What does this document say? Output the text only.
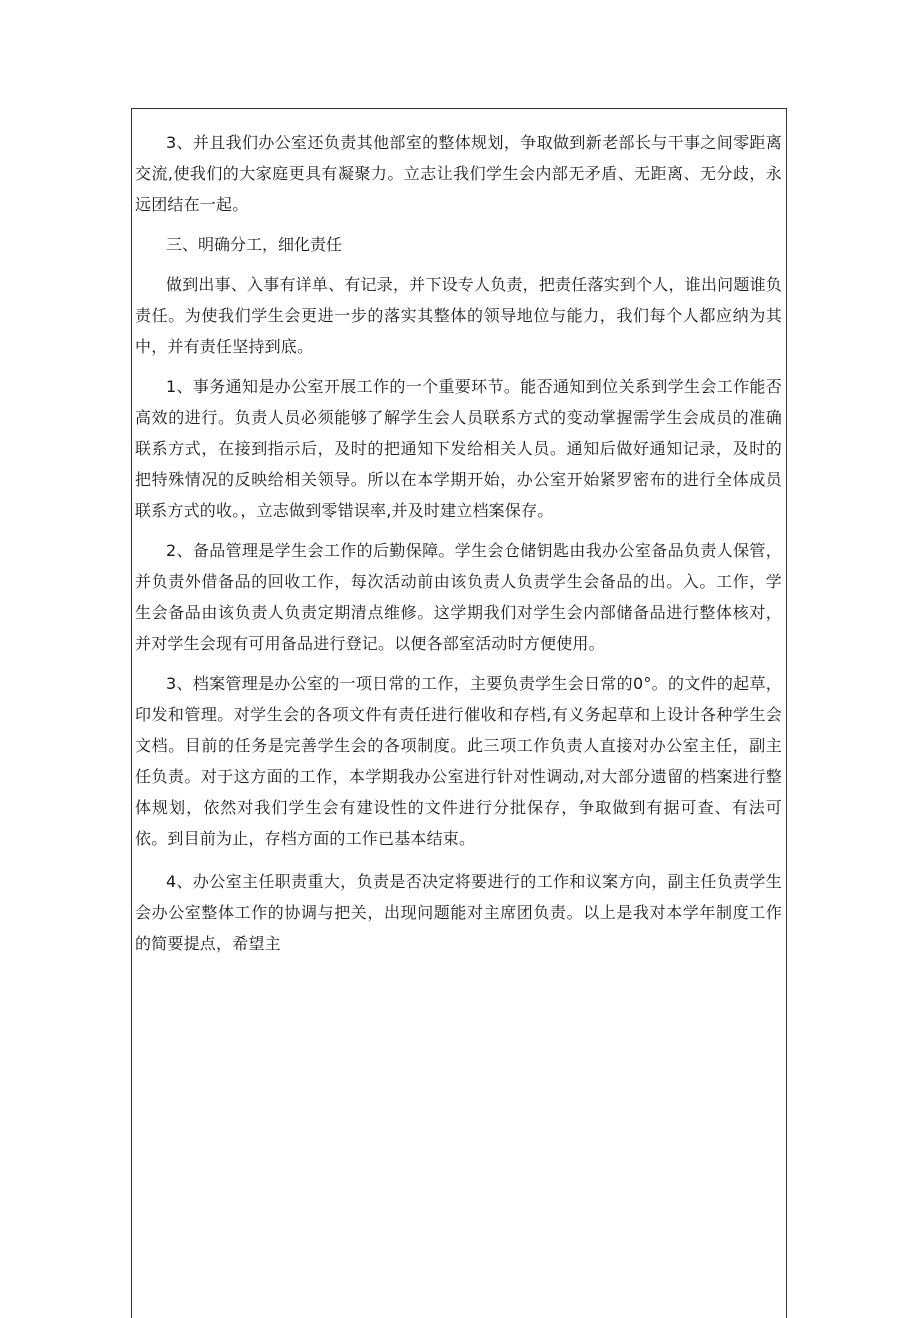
3、并且我们办公室还负责其他部室的整体规划，争取做到新老部长与干事之间零距离交流,使我们的大家庭更具有凝聚力。立志让我们学生会内部无矛盾、无距离、无分歧，永远团结在一起。

三、明确分工，细化责任

做到出事、入事有详单、有记录，并下设专人负责，把责任落实到个人，谁出问题谁负责任。为使我们学生会更进一步的落实其整体的领导地位与能力，我们每个人都应纳为其中，并有责任坚持到底。

1、事务通知是办公室开展工作的一个重要环节。能否通知到位关系到学生会工作能否高效的进行。负责人员必须能够了解学生会人员联系方式的变动掌握需学生会成员的准确联系方式，在接到指示后，及时的把通知下发给相关人员。通知后做好通知记录，及时的把特殊情况的反映给相关领导。所以在本学期开始，办公室开始紧罗密布的进行全体成员联系方式的收。，立志做到零错误率,并及时建立档案保存。

2、备品管理是学生会工作的后勤保障。学生会仓储钥匙由我办公室备品负责人保管，并负责外借备品的回收工作，每次活动前由该负责人负责学生会备品的出。入。工作，学生会备品由该负责人负责定期清点维修。这学期我们对学生会内部储备品进行整体核对，并对学生会现有可用备品进行登记。以便各部室活动时方便使用。

3、档案管理是办公室的一项日常的工作，主要负责学生会日常的0°。的文件的起草，印发和管理。对学生会的各项文件有责任进行催收和存档,有义务起草和上设计各种学生会文档。目前的任务是完善学生会的各项制度。此三项工作负责人直接对办公室主任，副主任负责。对于这方面的工作，本学期我办公室进行针对性调动,对大部分遗留的档案进行整体规划，依然对我们学生会有建设性的文件进行分批保存，争取做到有据可查、有法可依。到目前为止，存档方面的工作已基本结束。

4、办公室主任职责重大，负责是否决定将要进行的工作和议案方向，副主任负责学生会办公室整体工作的协调与把关，出现问题能对主席团负责。以上是我对本学年制度工作的简要提点，希望主
